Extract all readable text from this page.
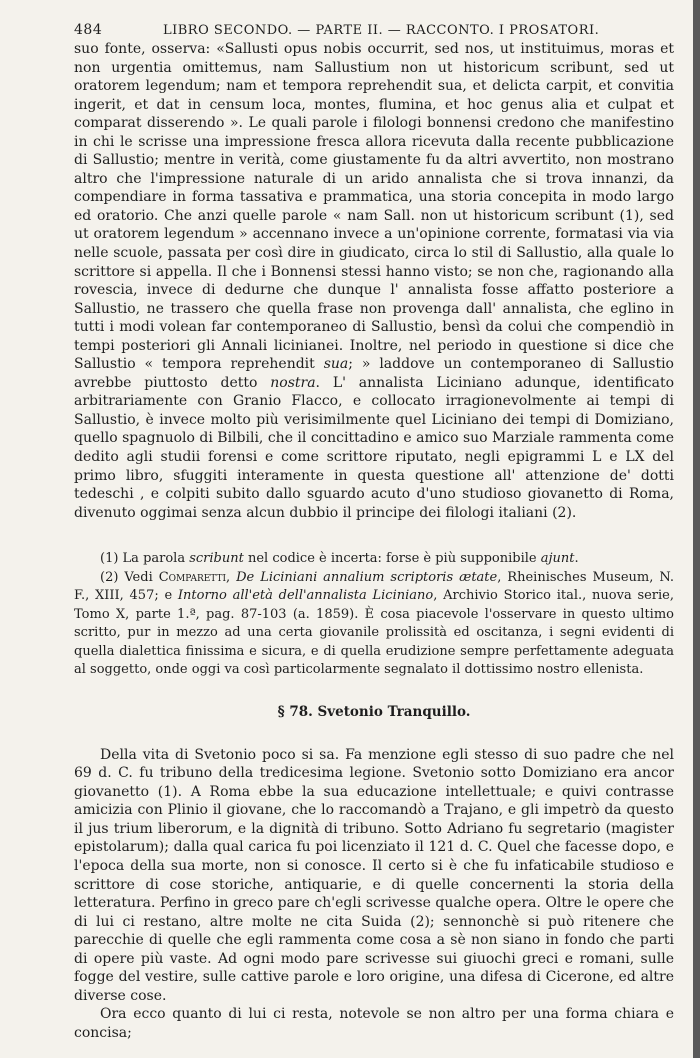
484	LIBRO SECONDO. — PARTE II. — RACCONTO. I PROSATORI.

suo fonte, osserva: «Sallusti opus nobis occurrit, sed nos, ut instituimus, moras et non urgentia omittemus, nam Sallustium non ut historicum scribunt, sed ut oratorem legendum; nam et tempora reprehendit sua, et delicta carpit, et convitia ingerit, et dat in censum loca, montes, flumina, et hoc genus alia et culpat et comparat disserendo ». Le quali parole i filologi bonnensi credono che manifestino in chi le scrisse una impressione fresca allora ricevuta dalla recente pubblicazione di Sallustio; mentre in verità, come giustamente fu da altri avvertito, non mostrano altro che l'impressione naturale di un arido annalista che si trova innanzi, da compendiare in forma tassativa e prammatica, una storia concepita in modo largo ed oratorio. Che anzi quelle parole « nam Sall. non ut historicum scribunt (1), sed ut oratorem legendum » accennano invece a un'opinione corrente, formatasi via via nelle scuole, passata per così dire in giudicato, circa lo stil di Sallustio, alla quale lo scrittore si appella. Il che i Bonnensi stessi hanno visto; se non che, ragionando alla rovescia, invece di dedurne che dunque l' annalista fosse affatto posteriore a Sallustio, ne trassero che quella frase non provenga dall' annalista, che eglino in tutti i modi volean far contemporaneo di Sallustio, bensì da colui che compendiò in tempi posteriori gli Annali licinianei. Inoltre, nel periodo in questione si dice che Sallustio « tempora reprehendit sua; » laddove un contemporaneo di Sallustio avrebbe piuttosto detto nostra. L' annalista Liciniano adunque, identificato arbitrariamente con Granio Flacco, e collocato irragionevolmente ai tempi di Sallustio, è invece molto più verisimilmente quel Liciniano dei tempi di Domiziano, quello spagnuolo di Bilbili, che il concittadino e amico suo Marziale rammenta come dedito agli studii forensi e come scrittore riputato, negli epigrammi L e LX del primo libro, sfuggiti interamente in questa questione all' attenzione de' dotti tedeschi , e colpiti subito dallo sguardo acuto d'uno studioso giovanetto di Roma, divenuto oggimai senza alcun dubbio il principe dei filologi italiani (2).

(1) La parola scribunt nel codice è incerta: forse è più supponibile ajunt.

(2) Vedi Comparetti, De Liciniani annalium scriptoris ætate, Rheinisches Museum, N. F., XIII, 457; e Intorno all'età dell'annalista Liciniano, Archivio Storico ital., nuova serie, Tomo X, parte 1.ª, pag. 87-103 (a. 1859). È cosa piacevole l'osservare in questo ultimo scritto, pur in mezzo ad una certa giovanile prolissità ed oscitanza, i segni evidenti di quella dialettica finissima e sicura, e di quella erudizione sempre perfettamente adeguata al soggetto, onde oggi va così particolarmente segnalato il dottissimo nostro ellenista.

§ 78. Svetonio Tranquillo.

Della vita di Svetonio poco si sa. Fa menzione egli stesso di suo padre che nel 69 d. C. fu tribuno della tredicesima legione. Svetonio sotto Domiziano era ancor giovanetto (1). A Roma ebbe la sua educazione intellettuale; e quivi contrasse amicizia con Plinio il giovane, che lo raccomandò a Trajano, e gli impetrò da questo il jus trium liberorum, e la dignità di tribuno. Sotto Adriano fu segretario (magister epistolarum); dalla qual carica fu poi licenziato il 121 d. C. Quel che facesse dopo, e l'epoca della sua morte, non si conosce. Il certo si è che fu infaticabile studioso e scrittore di cose storiche, antiquarie, e di quelle concernenti la storia della letteratura. Perfino in greco pare ch'egli scrivesse qualche opera. Oltre le opere che di lui ci restano, altre molte ne cita Suida (2); sennonchè si può ritenere che parecchie di quelle che egli rammenta come cosa a sè non siano in fondo che parti di opere più vaste. Ad ogni modo pare scrivesse sui giuochi greci e romani, sulle fogge del vestire, sulle cattive parole e loro origine, una difesa di Cicerone, ed altre diverse cose.

Ora ecco quanto di lui ci resta, notevole se non altro per una forma chiara e concisa;
